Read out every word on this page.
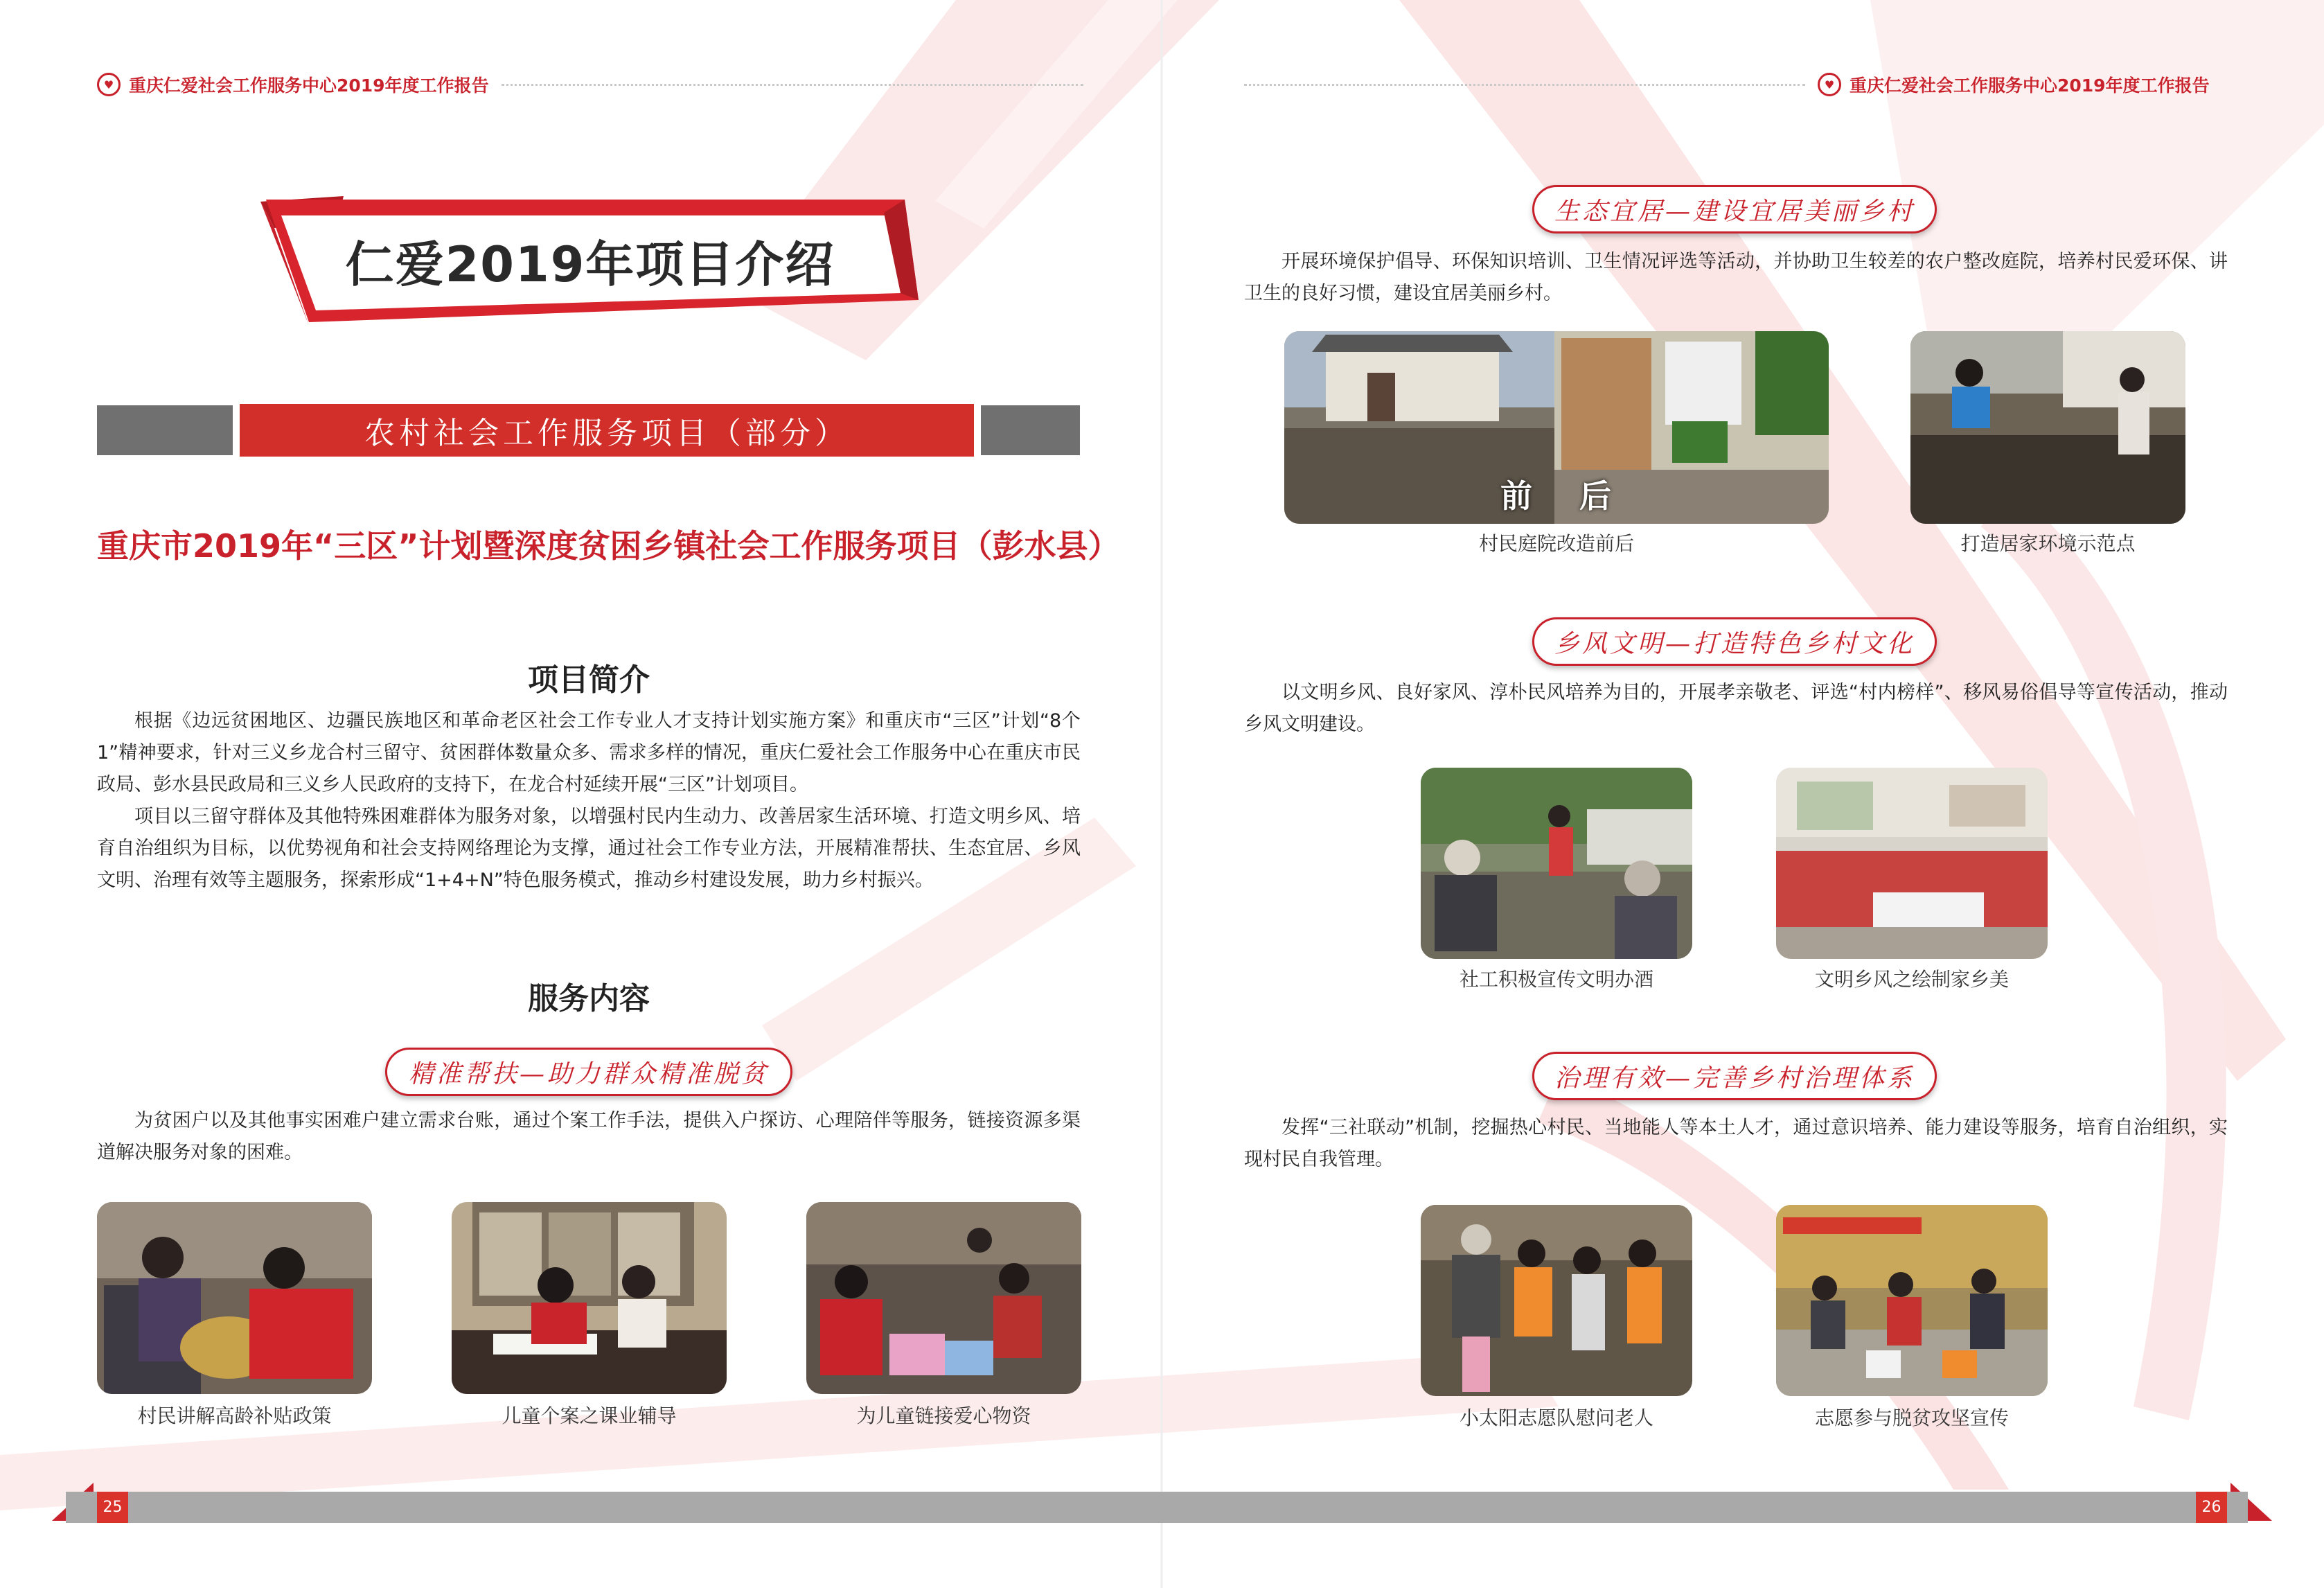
♥ 重庆仁爱社会工作服务中心2019年度工作报告
仁爱2019年项目介绍
农村社会工作服务项目（部分）
重庆市2019年“三区”计划暨深度贫困乡镇社会工作服务项目（彭水县）
项目简介

根据《边远贫困地区、边疆民族地区和革命老区社会工作专业人才支持计划实施方案》和重庆市“三区”计划“8个1”精神要求，针对三义乡龙合村三留守、贫困群体数量众多、需求多样的情况，重庆仁爱社会工作服务中心在重庆市民政局、彭水县民政局和三义乡人民政府的支持下，在龙合村延续开展“三区”计划项目。

项目以三留守群体及其他特殊困难群体为服务对象，以增强村民内生动力、改善居家生活环境、打造文明乡风、培育自治组织为目标，以优势视角和社会支持网络理论为支撑，通过社会工作专业方法，开展精准帮扶、生态宜居、乡风文明、治理有效等主题服务，探索形成“1+4+N”特色服务模式，推动乡村建设发展，助力乡村振兴。

服务内容
精准帮扶—助力群众精准脱贫

为贫困户以及其他事实困难户建立需求台账，通过个案工作手法，提供入户探访、心理陪伴等服务，链接资源多渠道解决服务对象的困难。

村民讲解高龄补贴政策	儿童个案之课业辅导	为儿童链接爱心物资
♥ 重庆仁爱社会工作服务中心2019年度工作报告
生态宜居—建设宜居美丽乡村

开展环境保护倡导、环保知识培训、卫生情况评选等活动，并协助卫生较差的农户整改庭院，培养村民爱环保、讲卫生的良好习惯，建设宜居美丽乡村。

前 后
村民庭院改造前后	打造居家环境示范点
乡风文明—打造特色乡村文化

以文明乡风、良好家风、淳朴民风培养为目的，开展孝亲敬老、评选“村内榜样”、移风易俗倡导等宣传活动，推动乡风文明建设。

社工积极宣传文明办酒	文明乡风之绘制家乡美
治理有效—完善乡村治理体系

发挥“三社联动”机制，挖掘热心村民、当地能人等本土人才，通过意识培养、能力建设等服务，培育自治组织，实现村民自我管理。

小太阳志愿队慰问老人	志愿参与脱贫攻坚宣传
25	26
